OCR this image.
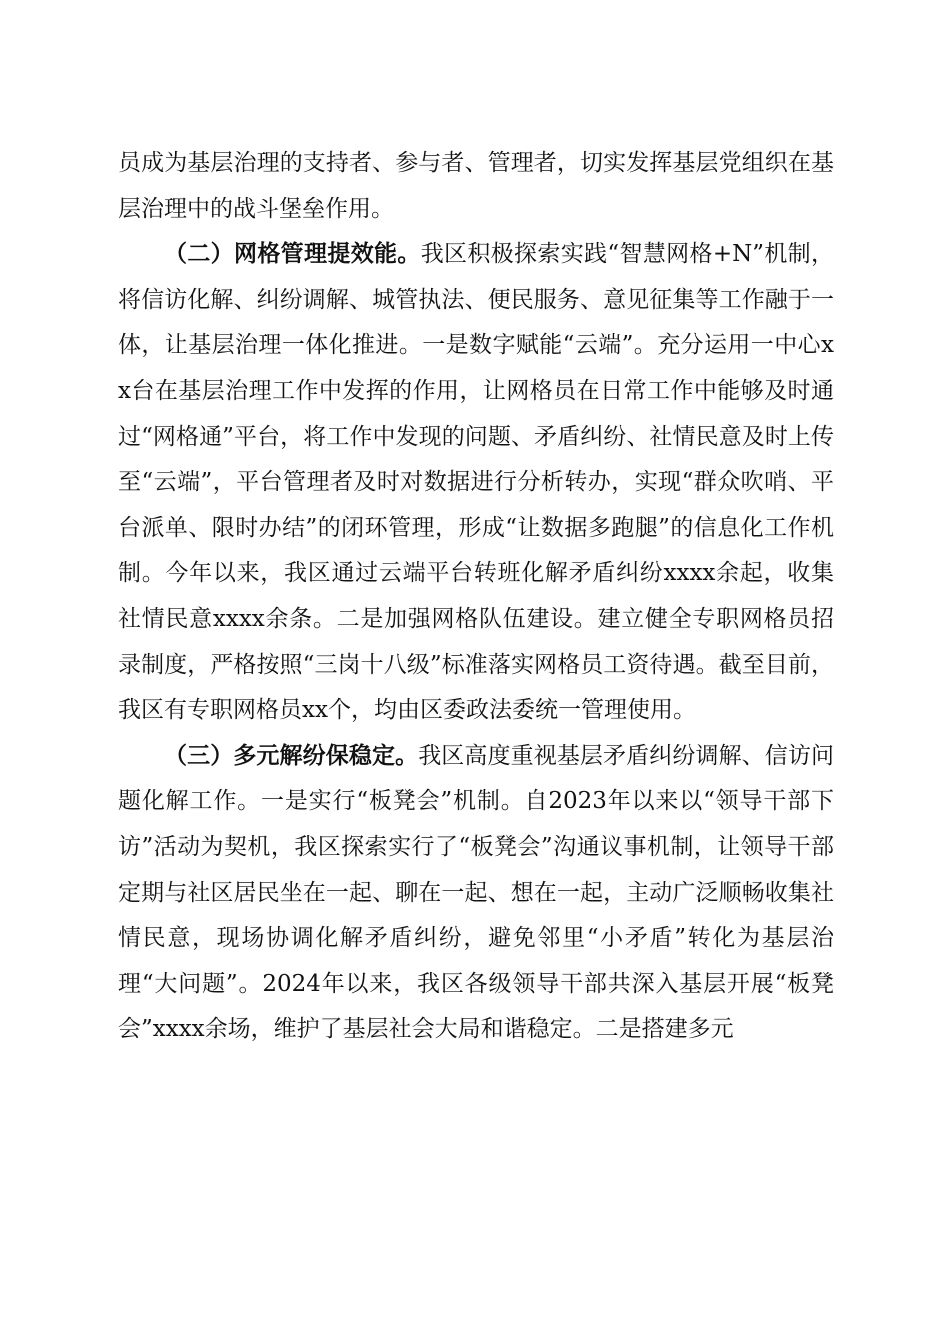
员成为基层治理的支持者、参与者、管理者，切实发挥基层党组织在基层治理中的战斗堡垒作用。

（二）网格管理提效能。我区积极探索实践“智慧网格+N”机制，将信访化解、纠纷调解、城管执法、便民服务、意见征集等工作融于一体，让基层治理一体化推进。一是数字赋能“云端”。充分运用一中心xx台在基层治理工作中发挥的作用，让网格员在日常工作中能够及时通过“网格通”平台，将工作中发现的问题、矛盾纠纷、社情民意及时上传至“云端”，平台管理者及时对数据进行分析转办，实现“群众吹哨、平台派单、限时办结”的闭环管理，形成“让数据多跑腿”的信息化工作机制。今年以来，我区通过云端平台转班化解矛盾纠纷xxxx余起，收集社情民意xxxx余条。二是加强网格队伍建设。建立健全专职网格员招录制度，严格按照“三岗十八级”标准落实网格员工资待遇。截至目前，我区有专职网格员xx个，均由区委政法委统一管理使用。

（三）多元解纷保稳定。我区高度重视基层矛盾纠纷调解、信访问题化解工作。一是实行“板凳会”机制。自2023年以来以“领导干部下访”活动为契机，我区探索实行了“板凳会”沟通议事机制，让领导干部定期与社区居民坐在一起、聊在一起、想在一起，主动广泛顺畅收集社情民意，现场协调化解矛盾纠纷，避免邻里“小矛盾”转化为基层治理“大问题”。2024年以来，我区各级领导干部共深入基层开展“板凳会”xxxx余场，维护了基层社会大局和谐稳定。二是搭建多元
